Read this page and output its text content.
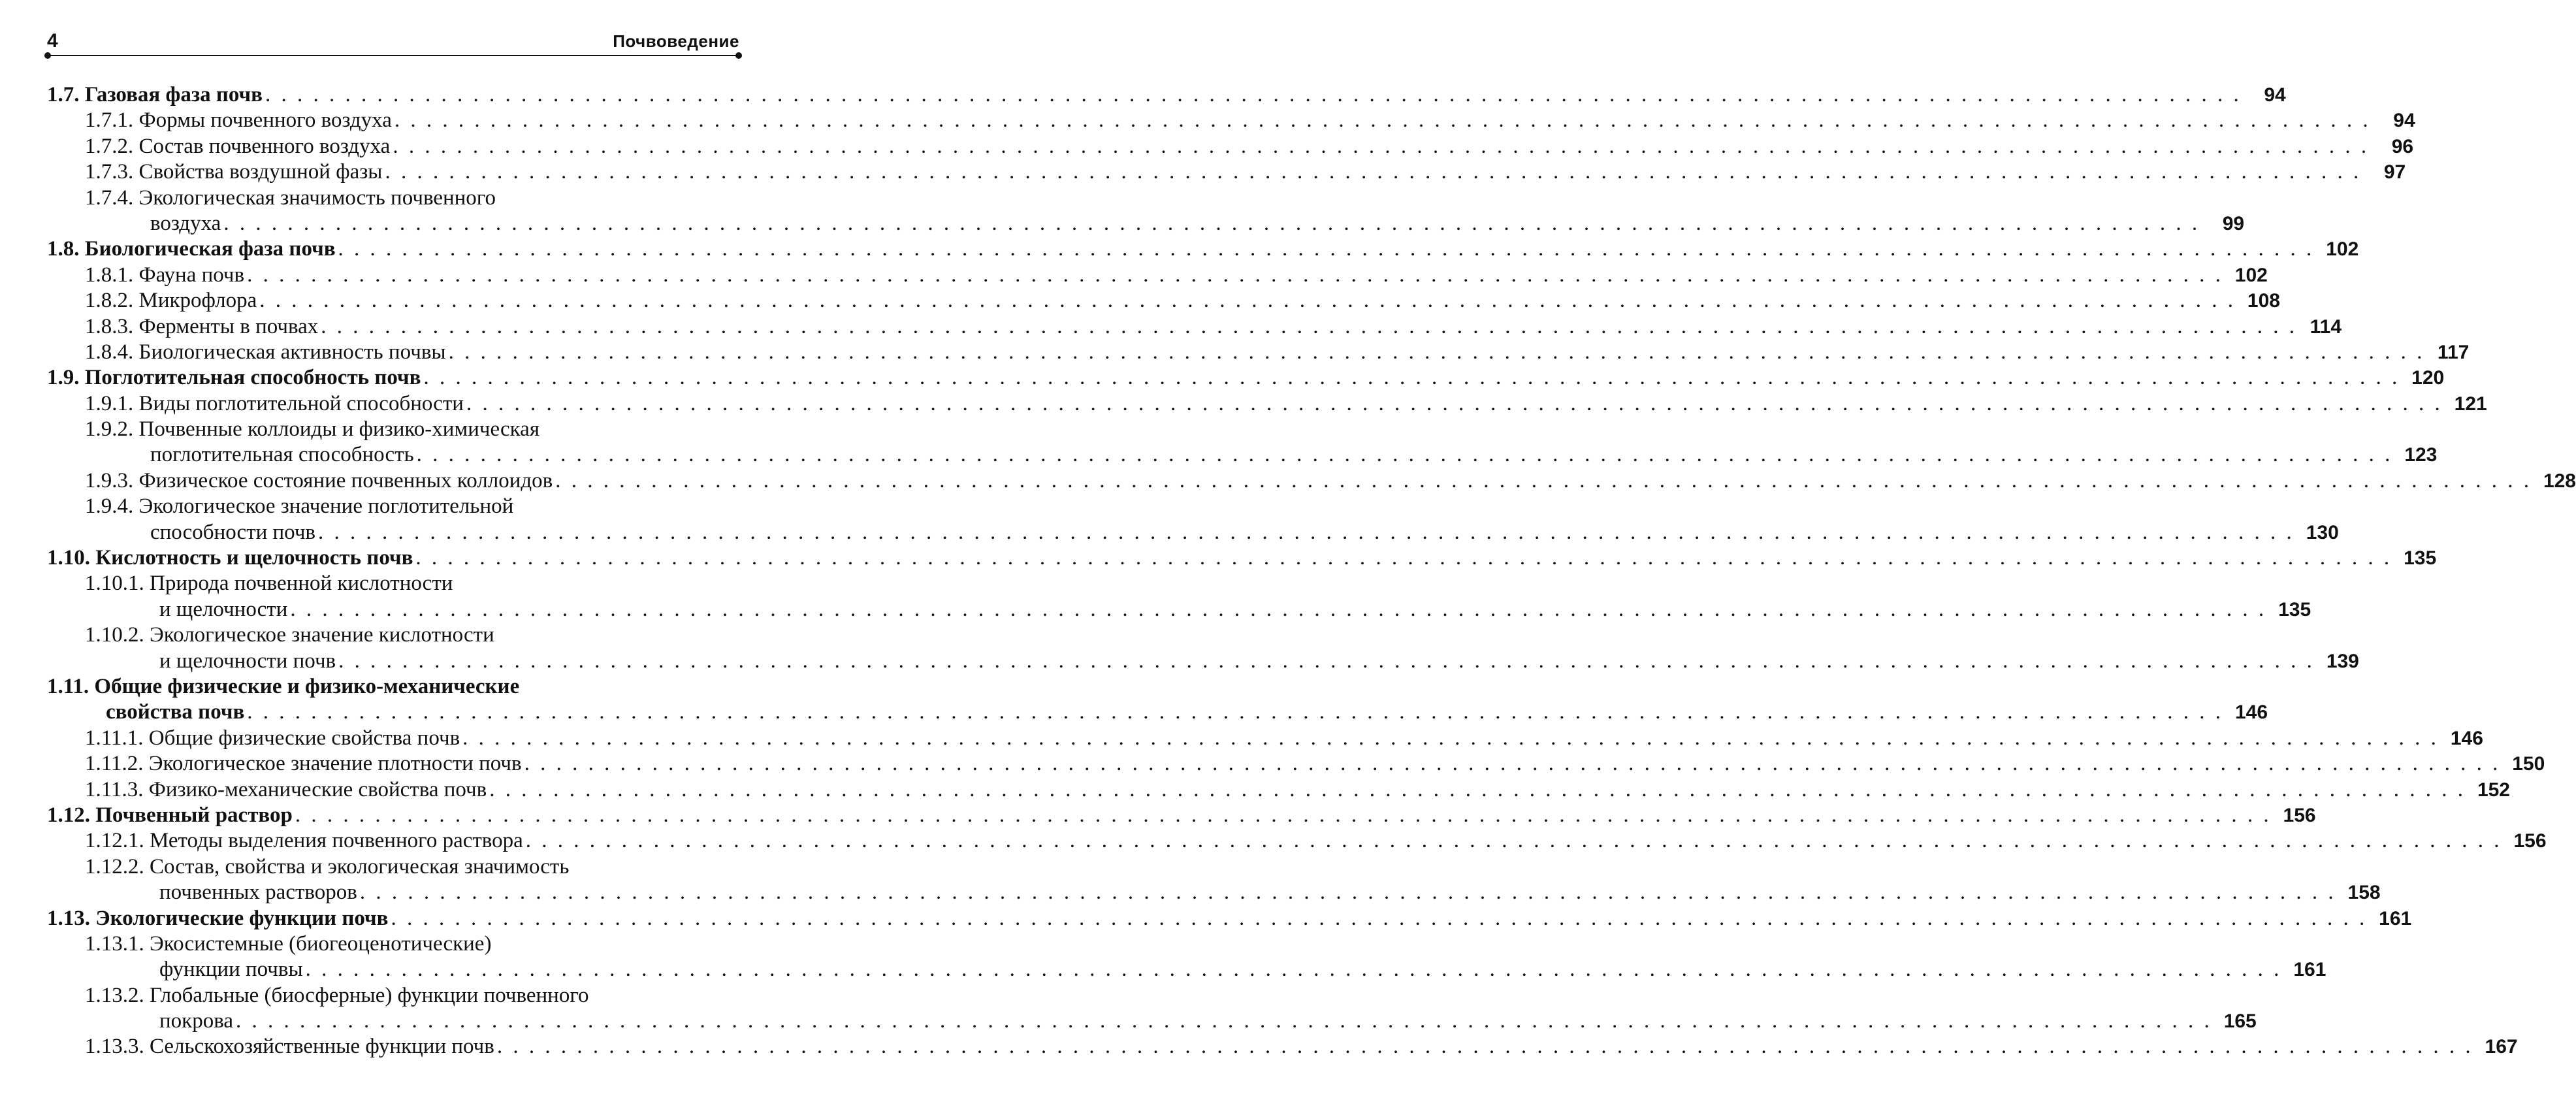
4	Почвоведение
1.7. Газовая фаза почв . . .	94
1.7.1. Формы почвенного воздуха . . .	94
1.7.2. Состав почвенного воздуха . . .	96
1.7.3. Свойства воздушной фазы . . .	97
1.7.4. Экологическая значимость почвенного
воздуха . . .	99
1.8. Биологическая фаза почв . . .	102
1.8.1. Фауна почв . . .	102
1.8.2. Микрофлора . . .	108
1.8.3. Ферменты в почвах . . .	114
1.8.4. Биологическая активность почвы . . .	117
1.9. Поглотительная способность почв . . .	120
1.9.1. Виды поглотительной способности . . .	121
1.9.2. Почвенные коллоиды и физико-химическая
поглотительная способность . . .	123
1.9.3. Физическое состояние почвенных коллоидов . . .	128
1.9.4. Экологическое значение поглотительной
способности почв . . .	130
1.10. Кислотность и щелочность почв . . .	135
1.10.1. Природа почвенной кислотности
и щелочности . . .	135
1.10.2. Экологическое значение кислотности
и щелочности почв . . .	139
1.11. Общие физические и физико-механические
свойства почв . . .	146
1.11.1. Общие физические свойства почв . . .	146
1.11.2. Экологическое значение плотности почв . . .	150
1.11.3. Физико-механические свойства почв . . .	152
1.12. Почвенный раствор . . .	156
1.12.1. Методы выделения почвенного раствора . . .	156
1.12.2. Состав, свойства и экологическая значимость
почвенных растворов . . .	158
1.13. Экологические функции почв . . .	161
1.13.1. Экосистемные (биогеоценотические)
функции почвы . . .	161
1.13.2. Глобальные (биосферные) функции почвенного
покрова . . .	165
1.13.3. Сельскохозяйственные функции почв . . .	167
